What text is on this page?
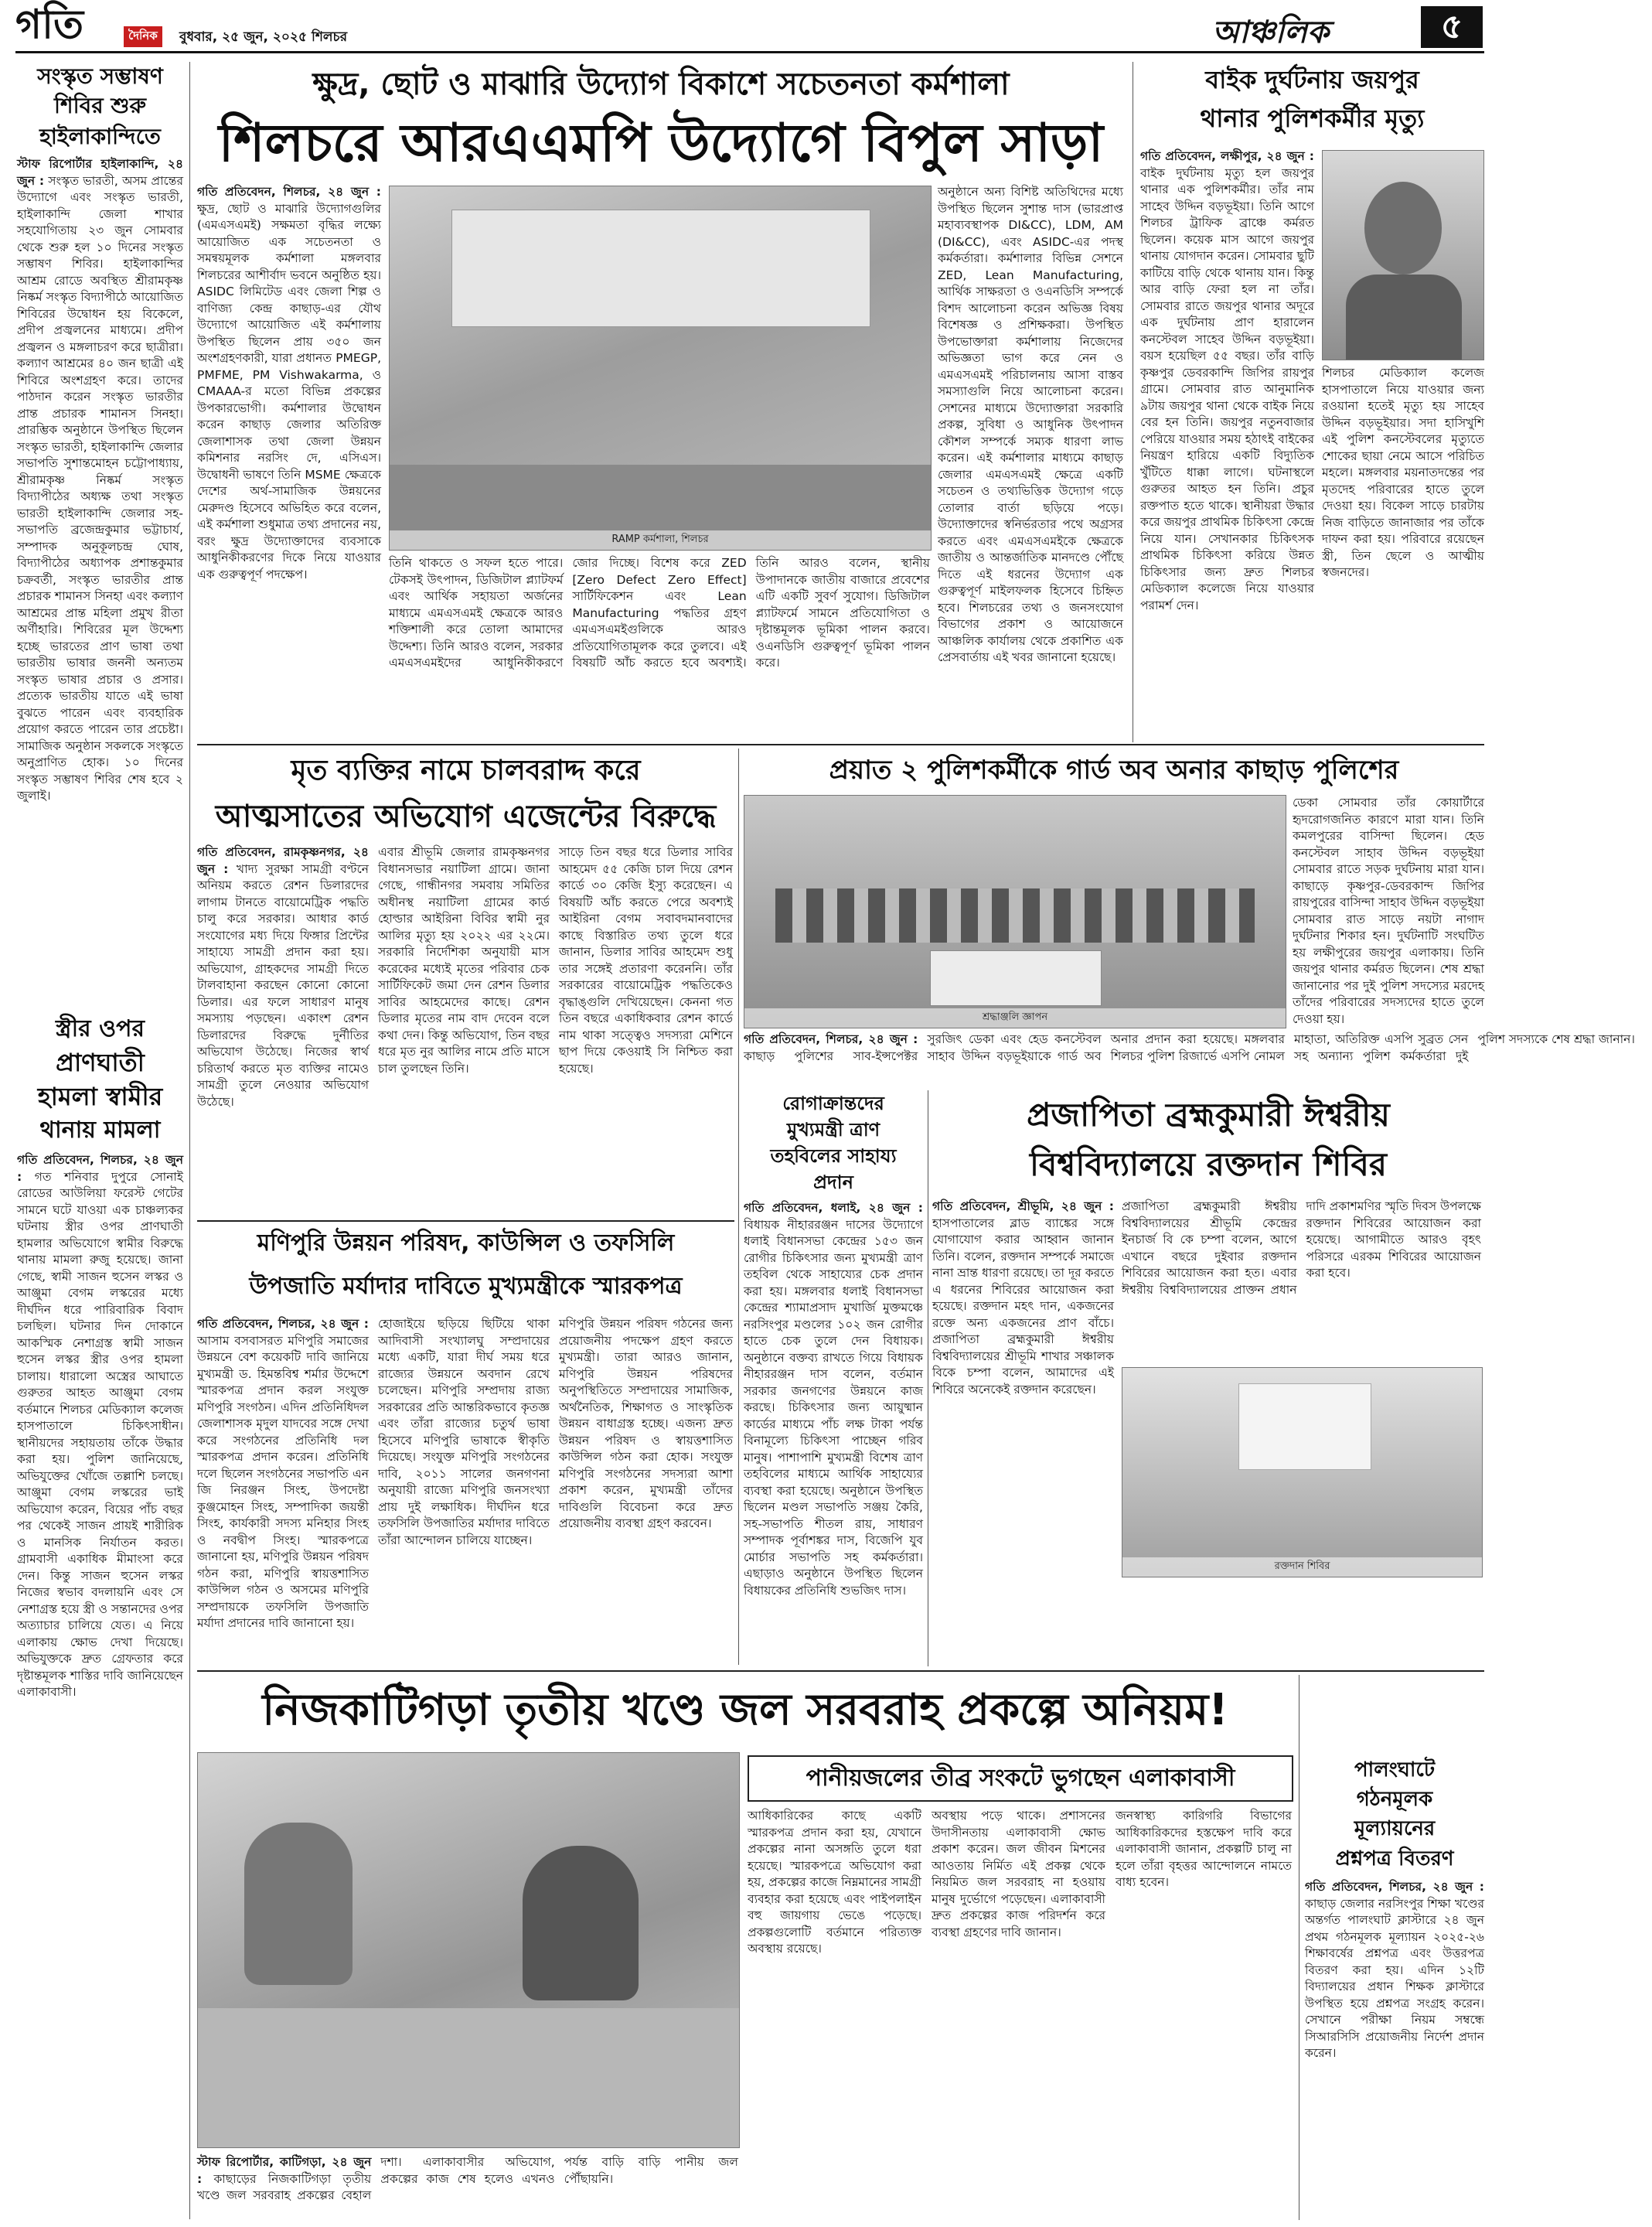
গতি	দৈনিক	বুধবার, ২৫ জুন, ২০২৫ শিলচর	আঞ্চলিক	৫
সংস্কৃত সম্ভাষণ
শিবির শুরু
হাইলাকান্দিতে
স্টাফ রিপোর্টার হাইলাকান্দি, ২৪ জুন : সংস্কৃত ভারতী, অসম প্রান্তের উদ্যোগে এবং সংস্কৃত ভারতী, হাইলাকান্দি জেলা শাখার সহযোগিতায় ২৩ জুন সোমবার থেকে শুরু হল ১০ দিনের সংস্কৃত সম্ভাষণ শিবির। হাইলাকান্দির আশ্রম রোডে অবস্থিত শ্রীরামকৃষ্ণ নিষ্কর্ম সংস্কৃত বিদ্যাপীঠে আয়োজিত শিবিরের উদ্বোধন হয় বিকেলে, প্রদীপ প্রজ্বলনের মাধ্যমে। প্রদীপ প্রজ্বলন ও মঙ্গলাচরণ করে ছাত্রীরা। কল্যাণ আশ্রমের ৪০ জন ছাত্রী এই শিবিরে অংশগ্রহণ করে। তাদের পাঠদান করেন সংস্কৃত ভারতীর প্রান্ত প্রচারক শামানস সিনহা। প্রারম্ভিক অনুষ্ঠানে উপস্থিত ছিলেন সংস্কৃত ভারতী, হাইলাকান্দি জেলার সভাপতি সুশান্তমোহন চট্টোপাধ্যায়, শ্রীরামকৃষ্ণ নিষ্কর্ম সংস্কৃত বিদ্যাপীঠের অধ্যক্ষ তথা সংস্কৃত ভারতী হাইলাকান্দি জেলার সহ-সভাপতি ব্রজেন্দ্রকুমার ভট্টাচার্য, সম্পাদক অনুকূলচন্দ্র ঘোষ, বিদ্যাপীঠের অধ্যাপক প্রশান্তকুমার চক্রবর্তী, সংস্কৃত ভারতীর প্রান্ত প্রচারক শামানস সিনহা এবং কল্যাণ আশ্রমের প্রান্ত মহিলা প্রমুখ রীতা অর্ণীহারি। শিবিরের মূল উদ্দেশ্য হচ্ছে ভারতের প্রাণ ভাষা তথা ভারতীয় ভাষার জননী অন্যতম সংস্কৃত ভাষার প্রচার ও প্রসার। প্রত্যেক ভারতীয় যাতে এই ভাষা বুঝতে পারেন এবং ব্যবহারিক প্রয়োগ করতে পারেন তার প্রচেষ্টা। সামাজিক অনুষ্ঠান সকলকে সংস্কৃতে অনুপ্রাণিত হোক। ১০ দিনের সংস্কৃত সম্ভাষণ শিবির শেষ হবে ২ জুলাই।
স্ত্রীর ওপর
প্রাণঘাতী
হামলা স্বামীর
থানায় মামলা
গতি প্রতিবেদন, শিলচর, ২৪ জুন : গত শনিবার দুপুরে সোনাই রোডের আউলিয়া ফরেস্ট গেটের সামনে ঘটে যাওয়া এক চাঞ্চল্যকর ঘটনায় স্ত্রীর ওপর প্রাণঘাতী হামলার অভিযোগে স্বামীর বিরুদ্ধে থানায় মামলা রুজু হয়েছে। জানা গেছে, স্বামী সাজন হুসেন লস্কর ও আঞ্জুমা বেগম লস্করের মধ্যে দীর্ঘদিন ধরে পারিবারিক বিবাদ চলছিল। ঘটনার দিন দোকানে আকস্মিক নেশাগ্রস্ত স্বামী সাজন হুসেন লস্কর স্ত্রীর ওপর হামলা চালায়। ধারালো অস্ত্রের আঘাতে গুরুতর আহত আঞ্জুমা বেগম বর্তমানে শিলচর মেডিক্যাল কলেজ হাসপাতালে চিকিৎসাধীন। স্থানীয়দের সহায়তায় তাঁকে উদ্ধার করা হয়। পুলিশ জানিয়েছে, অভিযুক্তের খোঁজে তল্লাশি চলছে। আঞ্জুমা বেগম লস্করের ভাই অভিযোগ করেন, বিয়ের পাঁচ বছর পর থেকেই সাজন প্রায়ই শারীরিক ও মানসিক নির্যাতন করত। গ্রামবাসী একাধিক মীমাংসা করে দেন। কিন্তু সাজন হুসেন লস্কর নিজের স্বভাব বদলায়নি এবং সে নেশাগ্রস্ত হয়ে স্ত্রী ও সন্তানদের ওপর অত্যাচার চালিয়ে যেত। এ নিয়ে এলাকায় ক্ষোভ দেখা দিয়েছে। অভিযুক্তকে দ্রুত গ্রেফতার করে দৃষ্টান্তমূলক শাস্তির দাবি জানিয়েছেন এলাকাবাসী।
ক্ষুদ্র, ছোট ও মাঝারি উদ্যোগ বিকাশে সচেতনতা কর্মশালা
শিলচরে আরএএমপি উদ্যোগে বিপুল সাড়া
গতি প্রতিবেদন, শিলচর, ২৪ জুন : ক্ষুদ্র, ছোট ও মাঝারি উদ্যোগগুলির (এমএসএমই) সক্ষমতা বৃদ্ধির লক্ষ্যে আয়োজিত এক সচেতনতা ও সমন্বয়মূলক কর্মশালা মঙ্গলবার শিলচরের আশীর্বাদ ভবনে অনুষ্ঠিত হয়। ASIDC লিমিটেড এবং জেলা শিল্প ও বাণিজ্য কেন্দ্র কাছাড়-এর যৌথ উদ্যোগে আয়োজিত এই কর্মশালায় উপস্থিত ছিলেন প্রায় ৩৫০ জন অংশগ্রহণকারী, যারা প্রধানত PMEGP, PMFME, PM Vishwakarma, ও CMAAA-র মতো বিভিন্ন প্রকল্পের উপকারভোগী। কর্মশালার উদ্বোধন করেন কাছাড় জেলার অতিরিক্ত জেলাশাসক তথা জেলা উন্নয়ন কমিশনার নরসিং দে, এসিএস। উদ্বোধনী ভাষণে তিনি MSME ক্ষেত্রকে দেশের অর্থ-সামাজিক উন্নয়নের মেরুদণ্ড হিসেবে অভিহিত করে বলেন, এই কর্মশালা শুধুমাত্র তথ্য প্রদানের নয়, বরং ক্ষুদ্র উদ্যোক্তাদের ব্যবসাকে আধুনিকীকরণের দিকে নিয়ে যাওয়ার এক গুরুত্বপূর্ণ পদক্ষেপ।
RAMP কর্মশালা, শিলচর
তিনি থাকতে ও সফল হতে পারে। টেকসই উৎপাদন, ডিজিটাল প্ল্যাটফর্ম এবং আর্থিক সহায়তা অর্জনের মাধ্যমে এমএসএমই ক্ষেত্রকে আরও শক্তিশালী করে তোলা আমাদের উদ্দেশ্য। তিনি আরও বলেন, সরকার এমএসএমইদের আধুনিকীকরণে জোর দিচ্ছে। বিশেষ করে ZED [Zero Defect Zero Effect] সার্টিফিকেশন এবং Lean Manufacturing পদ্ধতির গ্রহণ এমএসএমইগুলিকে আরও প্রতিযোগিতামূলক করে তুলবে। এই বিষয়টি আঁচ করতে হবে অবশ্যই। তিনি আরও বলেন, স্থানীয় উপাদানকে জাতীয় বাজারে প্রবেশের এটি একটি সুবর্ণ সুযোগ। ডিজিটাল প্ল্যাটফর্মে সামনে প্রতিযোগিতা ও দৃষ্টান্তমূলক ভূমিকা পালন করবে। ওএনডিসি গুরুত্বপূর্ণ ভূমিকা পালন করে।
অনুষ্ঠানে অন্য বিশিষ্ট অতিথিদের মধ্যে উপস্থিত ছিলেন সুশান্ত দাস (ভারপ্রাপ্ত মহাব্যবস্থাপক DI&CC), LDM, AM (DI&CC), এবং ASIDC-এর পদস্থ কর্মকর্তারা। কর্মশালার বিভিন্ন সেশনে ZED, Lean Manufacturing, আর্থিক সাক্ষরতা ও ওএনডিসি সম্পর্কে বিশদ আলোচনা করেন অভিজ্ঞ বিষয় বিশেষজ্ঞ ও প্রশিক্ষকরা। উপস্থিত উপভোক্তারা কর্মশালায় নিজেদের অভিজ্ঞতা ভাগ করে নেন ও এমএসএমই পরিচালনায় আসা বাস্তব সমস্যাগুলি নিয়ে আলোচনা করেন। সেশনের মাধ্যমে উদ্যোক্তারা সরকারি প্রকল্প, সুবিধা ও আধুনিক উৎপাদন কৌশল সম্পর্কে সম্যক ধারণা লাভ করেন। এই কর্মশালার মাধ্যমে কাছাড় জেলার এমএসএমই ক্ষেত্রে একটি সচেতন ও তথ্যভিত্তিক উদ্যোগ গড়ে তোলার বার্তা ছড়িয়ে পড়ে। উদ্যোক্তাদের স্বনির্ভরতার পথে অগ্রসর করতে এবং এমএসএমইকে ক্ষেত্রকে জাতীয় ও আন্তর্জাতিক মানদণ্ডে পৌঁছে দিতে এই ধরনের উদ্যোগ এক গুরুত্বপূর্ণ মাইলফলক হিসেবে চিহ্নিত হবে। শিলচরের তথ্য ও জনসংযোগ বিভাগের প্রকাশ ও আয়োজনে আঞ্চলিক কার্যালয় থেকে প্রকাশিত এক প্রেসবার্তায় এই খবর জানানো হয়েছে।
বাইক দুর্ঘটনায় জয়পুর
থানার পুলিশকর্মীর মৃত্যু
গতি প্রতিবেদন, লক্ষীপুর, ২৪ জুন : বাইক দুর্ঘটনায় মৃত্যু হল জয়পুর থানার এক পুলিশকর্মীর। তাঁর নাম সাহেব উদ্দিন বড়ভূইয়া। তিনি আগে শিলচর ট্রাফিক ব্রাঞ্চে কর্মরত ছিলেন। কয়েক মাস আগে জয়পুর থানায় যোগদান করেন। সোমবার ছুটি কাটিয়ে বাড়ি থেকে থানায় যান। কিন্তু আর বাড়ি ফেরা হল না তাঁর। সোমবার রাতে জয়পুর থানার অদূরে এক দুর্ঘটনায় প্রাণ হারালেন কনস্টেবল সাহেব উদ্দিন বড়ভূইয়া। বয়স হয়েছিল ৫৫ বছর। তাঁর বাড়ি কৃষ্ণপুর ডেবরকান্দি জিপির রায়পুর গ্রামে। সোমবার রাত আনুমানিক ৯টায় জয়পুর থানা থেকে বাইক নিয়ে বের হন তিনি। জয়পুর নতুনবাজার পেরিয়ে যাওয়ার সময় হঠাৎই বাইকের নিয়ন্ত্রণ হারিয়ে একটি বিদ্যুতিক খুঁটিতে ধাক্কা লাগে। ঘটনাস্থলে গুরুতর আহত হন তিনি। প্রচুর রক্তপাত হতে থাকে। স্থানীয়রা উদ্ধার করে জয়পুর প্রাথমিক চিকিৎসা কেন্দ্রে নিয়ে যান। সেখানকার চিকিৎসক প্রাথমিক চিকিৎসা করিয়ে উন্নত চিকিৎসার জন্য দ্রুত শিলচর মেডিক্যাল কলেজে নিয়ে যাওয়ার পরামর্শ দেন।
শিলচর মেডিক্যাল কলেজ হাসপাতালে নিয়ে যাওয়ার জন্য রওয়ানা হতেই মৃত্যু হয় সাহেব উদ্দিন বড়ভূইয়ার। সদা হাসিখুশি এই পুলিশ কনস্টেবলের মৃত্যুতে শোকের ছায়া নেমে আসে পরিচিত মহলে। মঙ্গলবার ময়নাতদন্তের পর মৃতদেহ পরিবারের হাতে তুলে দেওয়া হয়। বিকেল সাড়ে চারটায় নিজ বাড়িতে জানাজার পর তাঁকে দাফন করা হয়। পরিবারে রয়েছেন স্ত্রী, তিন ছেলে ও আত্মীয় স্বজনদের।
মৃত ব্যক্তির নামে চালবরাদ্দ করে
আত্মসাতের অভিযোগ এজেন্টের বিরুদ্ধে
গতি প্রতিবেদন, রামকৃষ্ণনগর, ২৪ জুন : খাদ্য সুরক্ষা সামগ্রী বণ্টনে অনিয়ম করতে রেশন ডিলারদের লাগাম টানতে বায়োমেট্রিক পদ্ধতি চালু করে সরকার। আধার কার্ড সংযোগের মধ্য দিয়ে ফিঙ্গার প্রিন্টের সাহায্যে সামগ্রী প্রদান করা হয়। অভিযোগ, গ্রাহকদের সামগ্রী দিতে টালবাহানা করছেন কোনো কোনো ডিলার। এর ফলে সাধারণ মানুষ সমস্যায় পড়ছেন। একাংশ রেশন ডিলারদের বিরুদ্ধে দুর্নীতির অভিযোগ উঠেছে। নিজের স্বার্থ চরিতার্থ করতে মৃত ব্যক্তির নামেও সামগ্রী তুলে নেওয়ার অভিযোগ উঠেছে।
এবার শ্রীভূমি জেলার রামকৃষ্ণনগর বিধানসভার নয়াটিলা গ্রামে। জানা গেছে, গান্ধীনগর সমবায় সমিতির অধীনস্থ নয়াটিলা গ্রামের কার্ড হোল্ডার আইরিনা বিবির স্বামী নুর আলির মৃত্যু হয় ২০২২ এর ২২মে। সরকারি নির্দেশিকা অনুযায়ী মাস করেকের মধ্যেই মৃতের পরিবার চেক সার্টিফিকেট জমা দেন রেশন ডিলার সাবির আহমেদের কাছে। রেশন ডিলার মৃতের নাম বাদ দেবেন বলে কথা দেন। কিন্তু অভিযোগ, তিন বছর ধরে মৃত নুর আলির নামে প্রতি মাসে চাল তুলছেন তিনি।
সাড়ে তিন বছর ধরে ডিলার সাবির আহমেদ ৫৫ কেজি চাল দিয়ে রেশন কার্ডে ৩০ কেজি ইস্যু করেছেন। এ বিষয়টি আঁচ করতে পেরে অবশ্যই আইরিনা বেগম সবাবদমানবাদের কাছে বিস্তারিত তথ্য তুলে ধরে জানান, ডিলার সাবির আহমেদ শুধু তার সঙ্গেই প্রতারণা করেননি। তাঁর সরকারের বায়োমেট্রিক পদ্ধতিকেও বৃদ্ধাঙ্গুলি দেখিয়েছেন। কেননা গত তিন বছরে একাধিকবার রেশন কার্ডে নাম থাকা সত্ত্বেও সদস্যরা মেশিনে ছাপ দিয়ে কেওয়াই সি নিশ্চিত করা হয়েছে।
মণিপুরি উন্নয়ন পরিষদ, কাউন্সিল ও তফসিলি
উপজাতি মর্যাদার দাবিতে মুখ্যমন্ত্রীকে স্মারকপত্র
গতি প্রতিবেদন, শিলচর, ২৪ জুন : আসাম বসবাসরত মণিপুরি সমাজের উন্নয়নে বেশ কয়েকটি দাবি জানিয়ে মুখ্যমন্ত্রী ড. হিমন্তবিশ্ব শর্মার উদ্দেশে স্মারকপত্র প্রদান করল সংযুক্ত মণিপুরি সংগঠন। এদিন প্রতিনিধিদল জেলাশাসক মৃদুল যাদবের সঙ্গে দেখা করে সংগঠনের প্রতিনিধি দল স্মারকপত্র প্রদান করেন। প্রতিনিধি দলে ছিলেন সংগঠনের সভাপতি এন জি নিরঞ্জন সিংহ, উপদেষ্টা কুঞ্জমোহন সিংহ, সম্পাদিকা জয়ন্তী সিংহ, কার্যকারী সদস্য মনিহার সিংহ ও নবদ্বীপ সিংহ। স্মারকপত্রে জানানো হয়, মণিপুরি উন্নয়ন পরিষদ গঠন করা, মণিপুরি স্বায়ত্তশাসিত কাউন্সিল গঠন ও অসমের মণিপুরি সম্প্রদায়কে তফসিলি উপজাতি মর্যাদা প্রদানের দাবি জানানো হয়।
হোজাইয়ে ছড়িয়ে ছিটিয়ে থাকা আদিবাসী সংখ্যালঘু সম্প্রদায়ের মধ্যে একটি, যারা দীর্ঘ সময় ধরে রাজ্যের উন্নয়নে অবদান রেখে চলেছেন। মণিপুরি সম্প্রদায় রাজ্য সরকারের প্রতি আন্তরিকভাবে কৃতজ্ঞ এবং তাঁরা রাজ্যের চতুর্থ ভাষা হিসেবে মণিপুরি ভাষাকে স্বীকৃতি দিয়েছে। সংযুক্ত মণিপুরি সংগঠনের দাবি, ২০১১ সালের জনগণনা অনুযায়ী রাজ্যে মণিপুরি জনসংখ্যা প্রায় দুই লক্ষাধিক। দীর্ঘদিন ধরে তফসিলি উপজাতির মর্যাদার দাবিতে তাঁরা আন্দোলন চালিয়ে যাচ্ছেন।
মণিপুরি উন্নয়ন পরিষদ গঠনের জন্য প্রয়োজনীয় পদক্ষেপ গ্রহণ করতে মুখ্যমন্ত্রী। তারা আরও জানান, মণিপুরি উন্নয়ন পরিষদের অনুপস্থিতিতে সম্প্রদায়ের সামাজিক, অর্থনৈতিক, শিক্ষাগত ও সাংস্কৃতিক উন্নয়ন বাধাগ্রস্ত হচ্ছে। এজন্য দ্রুত উন্নয়ন পরিষদ ও স্বায়ত্তশাসিত কাউন্সিল গঠন করা হোক। সংযুক্ত মণিপুরি সংগঠনের সদস্যরা আশা প্রকাশ করেন, মুখ্যমন্ত্রী তাঁদের দাবিগুলি বিবেচনা করে দ্রুত প্রয়োজনীয় ব্যবস্থা গ্রহণ করবেন।
প্রয়াত ২ পুলিশকর্মীকে গার্ড অব অনার কাছাড় পুলিশের
শ্রদ্ধাঞ্জলি জ্ঞাপন
ডেকা সোমবার তাঁর কোয়ার্টারে হৃদরোগজনিত কারণে মারা যান। তিনি কমলপুরের বাসিন্দা ছিলেন। হেড কনস্টেবল সাহাব উদ্দিন বড়ভূইয়া সোমবার রাতে সড়ক দুর্ঘটনায় মারা যান। কাছাড়ে কৃষ্ণপুর-ডেবরকান্দ জিপির রায়পুরের বাসিন্দা সাহাব উদ্দিন বড়ভূইয়া সোমবার রাত সাড়ে নয়টা নাগাদ দুর্ঘটনার শিকার হন। দুর্ঘটনাটি সংঘটিত হয় লক্ষীপুরের জয়পুর এলাকায়। তিনি জয়পুর থানার কর্মরত ছিলেন। শেষ শ্রদ্ধা জানানোর পর দুই পুলিশ সদস্যের মরদেহ তাঁদের পরিবারের সদস্যদের হাতে তুলে দেওয়া হয়।
গতি প্রতিবেদন, শিলচর, ২৪ জুন : কাছাড় পুলিশের সাব-ইন্সপেক্টর সুরজিৎ ডেকা এবং হেড কনস্টেবল সাহাব উদ্দিন বড়ভূইয়াকে গার্ড অব অনার প্রদান করা হয়েছে। মঙ্গলবার শিলচর পুলিশ রিজার্ভে এসপি নোমল মাহাতা, অতিরিক্ত এসপি সুব্রত সেন সহ অন্যান্য পুলিশ কর্মকর্তারা দুই পুলিশ সদস্যকে শেষ শ্রদ্ধা জানান।
রোগাক্রান্তদের
মুখ্যমন্ত্রী ত্রাণ
তহবিলের সাহায্য
প্রদান
গতি প্রতিবেদন, ধলাই, ২৪ জুন : বিধায়ক নীহাররঞ্জন দাসের উদ্যোগে ধলাই বিধানসভা কেন্দ্রের ১৫৩ জন রোগীর চিকিৎসার জন্য মুখ্যমন্ত্রী ত্রাণ তহবিল থেকে সাহায্যের চেক প্রদান করা হয়। মঙ্গলবার ধলাই বিধানসভা কেন্দ্রের শ্যামাপ্রসাদ মুখার্জি মুক্তমঞ্চে নরসিংপুর মণ্ডলের ১০২ জন রোগীর হাতে চেক তুলে দেন বিধায়ক। অনুষ্ঠানে বক্তব্য রাখতে গিয়ে বিধায়ক নীহাররঞ্জন দাস বলেন, বর্তমান সরকার জনগণের উন্নয়নে কাজ করছে। চিকিৎসার জন্য আয়ুষ্মান কার্ডের মাধ্যমে পাঁচ লক্ষ টাকা পর্যন্ত বিনামূল্যে চিকিৎসা পাচ্ছেন গরিব মানুষ। পাশাপাশি মুখ্যমন্ত্রী বিশেষ ত্রাণ তহবিলের মাধ্যমে আর্থিক সাহায্যের ব্যবস্থা করা হয়েছে। অনুষ্ঠানে উপস্থিত ছিলেন মণ্ডল সভাপতি সঞ্জয় কৈরি, সহ-সভাপতি শীতল রায়, সাধারণ সম্পাদক পূর্বাশঙ্কর দাস, বিজেপি যুব মোর্চার সভাপতি সহ কর্মকর্তারা। এছাড়াও অনুষ্ঠানে উপস্থিত ছিলেন বিধায়কের প্রতিনিধি শুভজিৎ দাস।
প্রজাপিতা ব্রহ্মকুমারী ঈশ্বরীয়
বিশ্ববিদ্যালয়ে রক্তদান শিবির
গতি প্রতিবেদন, শ্রীভূমি, ২৪ জুন : হাসপাতালের ব্লাড ব্যাঙ্কের সঙ্গে যোগাযোগ করার আহ্বান জানান তিনি। বলেন, রক্তদান সম্পর্কে সমাজে নানা ভ্রান্ত ধারণা রয়েছে। তা দূর করতে এ ধরনের শিবিরের আয়োজন করা হয়েছে। রক্তদান মহৎ দান, একজনের রক্তে অন্য একজনের প্রাণ বাঁচে। প্রজাপিতা ব্রহ্মকুমারী ঈশ্বরীয় বিশ্ববিদ্যালয়ের শ্রীভূমি শাখার সঞ্চালক বিকে চম্পা বলেন, আমাদের এই শিবিরে অনেকেই রক্তদান করেছেন।
রক্তদান শিবির
প্রজাপিতা ব্রহ্মকুমারী ঈশ্বরীয় বিশ্ববিদ্যালয়ের শ্রীভূমি কেন্দ্রের ইনচার্জ বি কে চম্পা বলেন, আগে এখানে বছরে দুইবার রক্তদান শিবিরের আয়োজন করা হত। এবার ঈশ্বরীয় বিশ্ববিদ্যালয়ের প্রাক্তন প্রধান দাদি প্রকাশমণির স্মৃতি দিবস উপলক্ষে রক্তদান শিবিরের আয়োজন করা হয়েছে। আগামীতে আরও বৃহৎ পরিসরে এরকম শিবিরের আয়োজন করা হবে।
নিজকাটিগড়া তৃতীয় খণ্ডে জল সরবরাহ প্রকল্পে অনিয়ম!
পানীয়জলের তীব্র সংকটে ভুগছেন এলাকাবাসী
আধিকারিকের কাছে একটি স্মারকপত্র প্রদান করা হয়, যেখানে প্রকল্পের নানা অসঙ্গতি তুলে ধরা হয়েছে। স্মারকপত্রে অভিযোগ করা হয়, প্রকল্পের কাজে নিম্নমানের সামগ্রী ব্যবহার করা হয়েছে এবং পাইপলাইন বহু জায়গায় ভেঙে পড়েছে। প্রকল্পগুলোটি বর্তমানে পরিত্যক্ত অবস্থায় রয়েছে।
অবস্থায় পড়ে থাকে। প্রশাসনের উদাসীনতায় এলাকাবাসী ক্ষোভ প্রকাশ করেন। জল জীবন মিশনের আওতায় নির্মিত এই প্রকল্প থেকে নিয়মিত জল সরবরাহ না হওয়ায় মানুষ দুর্ভোগে পড়েছেন। এলাকাবাসী দ্রুত প্রকল্পের কাজ পরিদর্শন করে ব্যবস্থা গ্রহণের দাবি জানান।
জনস্বাস্থ্য কারিগরি বিভাগের আধিকারিকদের হস্তক্ষেপ দাবি করে এলাকাবাসী জানান, প্রকল্পটি চালু না হলে তাঁরা বৃহত্তর আন্দোলনে নামতে বাধ্য হবেন।
স্টাফ রিপোর্টার, কাটিগড়া, ২৪ জুন : কাছাড়ের নিজকাটিগড়া তৃতীয় খণ্ডে জল সরবরাহ প্রকল্পের বেহাল দশা। এলাকাবাসীর অভিযোগ, প্রকল্পের কাজ শেষ হলেও এখনও পর্যন্ত বাড়ি বাড়ি পানীয় জল পৌঁছায়নি।
পালংঘাটে
গঠনমূলক
মূল্যায়নের
প্রশ্নপত্র বিতরণ
গতি প্রতিবেদন, শিলচর, ২৪ জুন : কাছাড় জেলার নরসিংপুর শিক্ষা খণ্ডের অন্তর্গত পালংঘাট ক্লাস্টারে ২৪ জুন প্রথম গঠনমূলক মূল্যায়ন ২০২৫-২৬ শিক্ষাবর্ষের প্রশ্নপত্র এবং উত্তরপত্র বিতরণ করা হয়। এদিন ১২টি বিদ্যালয়ের প্রধান শিক্ষক ক্লাস্টারে উপস্থিত হয়ে প্রশ্নপত্র সংগ্রহ করেন। সেখানে পরীক্ষা নিয়ম সম্বন্ধে সিআরসিসি প্রয়োজনীয় নির্দেশ প্রদান করেন।
